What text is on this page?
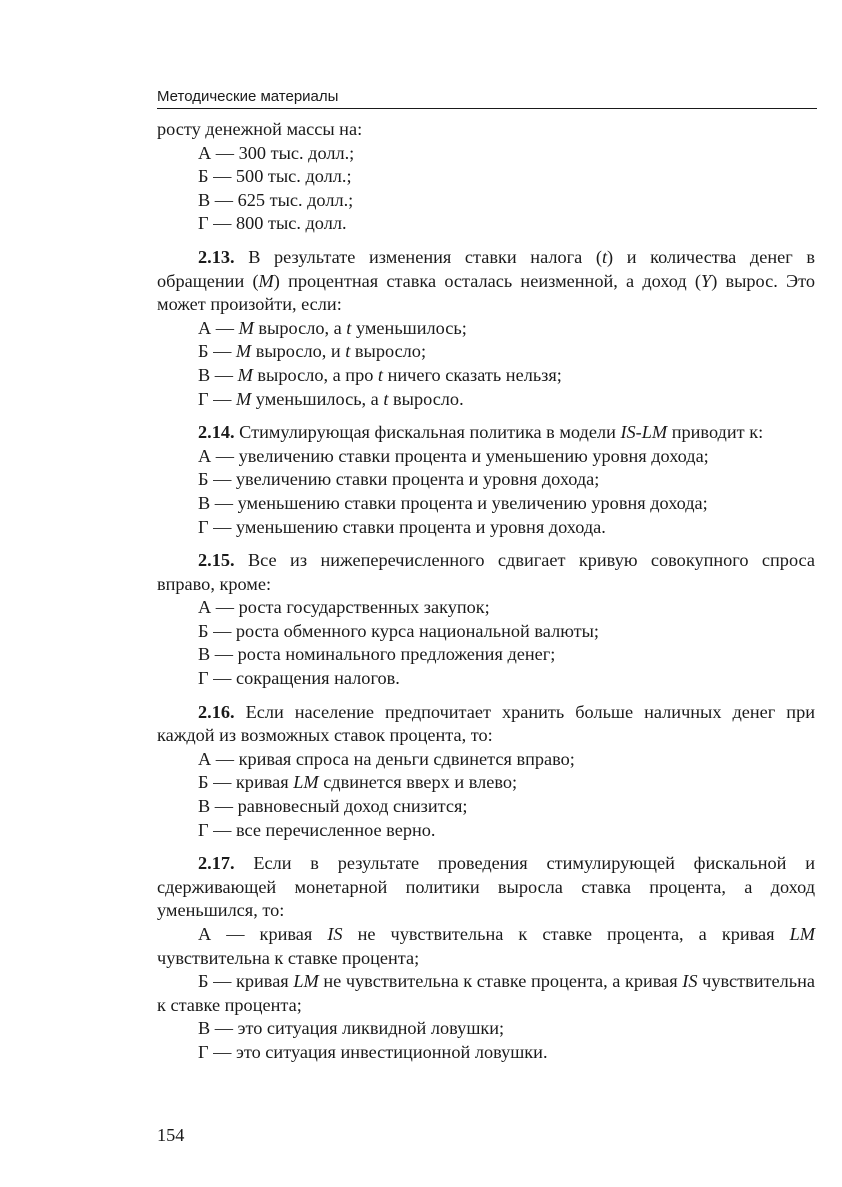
Методические материалы

росту денежной массы на:

А — 300 тыс. долл.;

Б — 500 тыс. долл.;

В — 625 тыс. долл.;

Г — 800 тыс. долл.

2.13. В результате изменения ставки налога (t) и количества денег в обращении (M) процентная ставка осталась неизменной, а доход (Y) вырос. Это может произойти, если:

А — M выросло, а t уменьшилось;

Б — M выросло, и t выросло;

В — M выросло, а про t ничего сказать нельзя;

Г — M уменьшилось, а t выросло.

2.14. Стимулирующая фискальная политика в модели IS-LM приводит к:

А — увеличению ставки процента и уменьшению уровня дохода;

Б — увеличению ставки процента и уровня дохода;

В — уменьшению ставки процента и увеличению уровня дохода;

Г — уменьшению ставки процента и уровня дохода.

2.15. Все из нижеперечисленного сдвигает кривую совокупного спроса вправо, кроме:

А — роста государственных закупок;

Б — роста обменного курса национальной валюты;

В — роста номинального предложения денег;

Г — сокращения налогов.

2.16. Если население предпочитает хранить больше наличных денег при каждой из возможных ставок процента, то:

А — кривая спроса на деньги сдвинется вправо;

Б — кривая LM сдвинется вверх и влево;

В — равновесный доход снизится;

Г — все перечисленное верно.

2.17. Если в результате проведения стимулирующей фискальной и сдерживающей монетарной политики выросла ставка процента, а доход уменьшился, то:

А — кривая IS не чувствительна к ставке процента, а кривая LM чувствительна к ставке процента;

Б — кривая LM не чувствительна к ставке процента, а кривая IS чувствительна к ставке процента;

В — это ситуация ликвидной ловушки;

Г — это ситуация инвестиционной ловушки.

154
